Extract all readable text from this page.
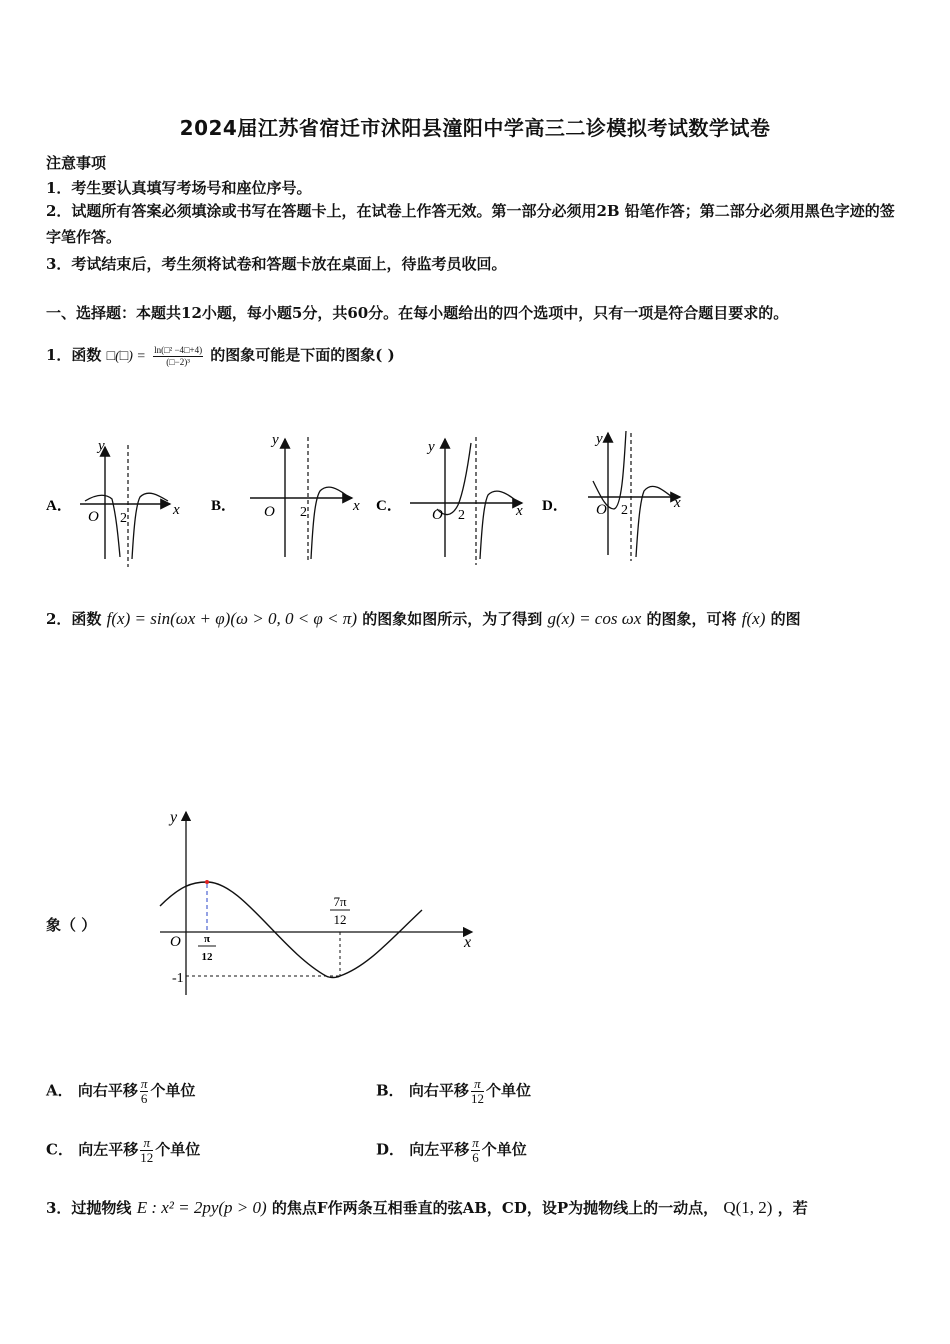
2024届江苏省宿迁市沭阳县潼阳中学高三二诊模拟考试数学试卷
注意事项
1．考生要认真填写考场号和座位序号。
2．试题所有答案必须填涂或书写在答题卡上，在试卷上作答无效。第一部分必须用2B 铅笔作答；第二部分必须用黑色字迹的签字笔作答。
3．考试结束后，考生须将试卷和答题卡放在桌面上，待监考员收回。
一、选择题：本题共12小题，每小题5分，共60分。在每小题给出的四个选项中，只有一项是符合题目要求的。
1．函数 □(□) = $\frac{\text{ln(□² −4□+4)}}{\text{(□−2)³}}$ 的图象可能是下面的图象( )
A．
y
x
O 2
B．
y
x
O 2	C．
y
x
O 2
D．
y
x
O 2
2．函数 f(x) = sin(ωx + φ)(ω > 0, 0 < φ < π) 的图象如图所示，为了得到 g(x) = cos ωx 的图象，可将 f(x) 的图
象（ ）
y
x
O
-1
π
12
7π
12
A． 向右平移 $\frac{\pi}{6}$ 个单位	B． 向右平移 $\frac{\pi}{12}$ 个单位
C． 向左平移 $\frac{\pi}{12}$ 个单位	D． 向左平移 $\frac{\pi}{6}$ 个单位
3．过抛物线 E : x² = 2py(p > 0) 的焦点F作两条互相垂直的弦AB，CD，设P为抛物线上的一动点， Q(1, 2) ，若
